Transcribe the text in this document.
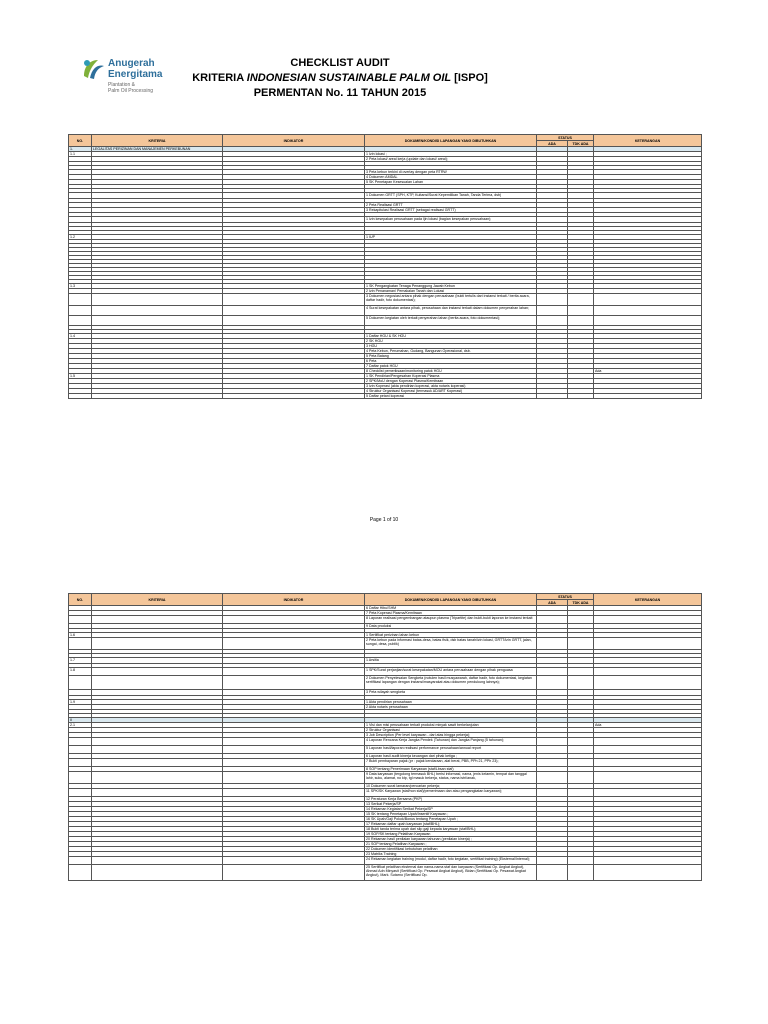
Anugerah
Energitama
Plantation &
Palm Oil Processing
CHECKLIST AUDIT
KRITERIA INDONESIAN SUSTAINABLE PALM OIL [ISPO]
PERMENTAN No. 11 TAHUN 2015
NO.	KRITERIA	INDIKATOR	DOKUMEN/KONDISI LAPANGAN YANG DIBUTUHKAN	STATUS		KETERANGAN
				ADA	TDK ADA	
1.	LEGALITAS PERIZINAN DAN MANAJEMEN PERKEBUNAN					
1.1			1 Izin lokasi ;			
			2 Peta lokasi/ areal kerja (update dan lokasi/ areal);			

			3 Peta kebun terkini di overlay dengan peta RTRW			
			4 Dokumen AMDAL			
			5 SK Penetapan Kesesuaian Lahan			

			1 Dokumen GRTT (SPH, KTP, Kuitansi/Surat Kepemilikan Tanah, Tanda Terima, dsb)			

			2 Peta Realisasi GRTT			
			3 Rekapitulasi Realisasi GRTT (sebagai realisasi GRTT)			

			1 Izin kesepakan perusahaan pada Ijin lokasi (bagian kesepakan perusahaan);			

1.2			1 IUP			

1.3			1 SK Pengangkatan Tenaga Penanggung Jawab Kebun			
			2 Izin Penanaman/ Pemakaian Tanah dan Lokasi			
			3 Dokumen negosiasi antara pihak dengan perusahaan (bukti tertulis dari instansi terkait / berita acara, daftar hadir, foto dokumentasi);			
			4 Surat kesepakatan antara pihak, perusahaan dan instansi terkait dalam dokumen penyerahan lahan;			
			5 Dokumen kegiatan oleh terkait penyerahan lahan (berita acara, foto dokumentasi);			

1.4			1 Daftar HGU & SK HGU			
			2 SK HGU			
			3 HGU			
			4 Peta Kebun, Perumahan, Gudang, Bangunan Operasional, dsb.			
			5 Peta Batang			
			6 Peta			
			7 Daftar patok HGU			
			8 Checklist pemeriksaan/monitoring patok HGU			Ada
1.5			1 SK Pendirian/Pengesahan Koperasi Plasma			
			2 SPK/MoU dengan Koperasi Plasma/Kemitraan			
			3 Izin Koperasi (akta pendirian koperasi, akta notaris koperasi)			
			4 Struktur Organisasi Koperasi (termasuk AD/ART Koperasi)			
			5 Daftar petani koperasi			
Page 1 of 10
NO.	KRITERIA	INDIKATOR	DOKUMEN/KONDISI LAPANGAN YANG DIBUTUHKAN	STATUS		KETERANGAN
				ADA	TDK ADA	
			6 Daftar Hibu/SHM			
			7 Peta Koperasi Plasma/Kemitraan			
			8 Laporan realisasi pengembangan ataupun plasma (Tripartite) dan bukti-bukti laporan ke instansi terkait			
			9 Data produksi			

1.6			1 Sertifikat perizinan lahan kebun			
			2 Peta kebun pada informasi batas-desa, batas fisik, dsb batas tanah/izin lokasi, GRTT/izin GRTT, jalan, sungai, desa, publik)			

1.7			1 Arsitia			

1.8			1 SPK/Surat perjanjian/surat kesepakatan/MOU antara perusahaan dengan pihak penguasa			
			2 Dokumen Penyelesaian Sengketa (notulen hasil musyawarah, daftar hadir, foto dokumentasi, kegiatan sertifikasi lapangan dengan instansi/masyarakat atau dokumen pendukung lainnya);			
			3 Peta wilayah sengketa			

1.9			1 Akta pendirian perusahaan			
			2 Akta notaris perusahaan			

II						
2.1			1 Visi dan misi perusahaan terkait produksi minyak sawit berkelanjutan			Ada
			2 Struktur Organisasi			
			3 Job Description (Per level karyawan - dari atas hingga pekerja);			
			4 Laporan Rencana Kerja Jangka Pendek (Tahunan) dan Jangka Panjang (5 tahunan);			
			5 Laporan hasil/laporan realisasi performance perusahaan/annual report			
			6 Laporan hasil audit kinerja keuangan dari pihak ketiga ;			
			7 Bukti pembayaran pajak (pr : pajak kendaraan, alat berat, PBB, PPh 21, PPh 23);			
			8 SOP tentang Penerimaan Karyawan (staf/Lbsan staf)			
			9 Data karyawan (tergolong termasuk BHL) berisi informasi, nama, jenis kelamin, tempat dan tanggal lahir, suku, alamat, no ktp, tgl masuk bekerja, status, nama istri/anak,			
			10 Dokumen surat lamaran/pencarian pekerja;			
			11 SPK/SK Karyawan (staf/non staf)/pemerimaan dan atau pengangkatan karyawan);			
			12 Peraturan Kerja Bersama (PKP)			
			13 Serikat Pekerja/SP			
			14 Rekaman Kegiatan Serikat Pekerja/SP			
			15 SK tentang Penetapan Upah/Insentif Karyawan ;			
			16 SK Upah/Gaji Pokok/Bonus tentang Penetapan Upah ;			
			17 Rekaman daftar upah karyawan (staf/BHL);			
			18 Bukti tanda terima upah dari slip gaji kepada karyawan (staf/BHL);			
			19 SOP/SK tentang Pelatihan Karyawan			
			20 Rekaman hasil penilaian karyawan tahunan (penilaian kinerja) ;			
			21 SOP tentang Pelatihan Karyawan ;			
			22 Dokumen identifikasi kebutuhan pelatihan			
			23 Matriks Training			
			24 Rekaman kegiatan training (modul, daftar hadir, foto kegiatan, sertifikat training) (Eksternal/Internal);			
			25 Sertifikat pelatihan eksternal dan nama-nama staf dan karyawan (Sertifikasi Op. Angkat Angkut), Ahmad Adn Minyasit (Sertifikasi Op. Pesawat Angkat Angkut), Bidan (Sertifikasi Op. Pesawat Angkat Angkut), Mark. Sutarno (Sertifikasi Op.			
